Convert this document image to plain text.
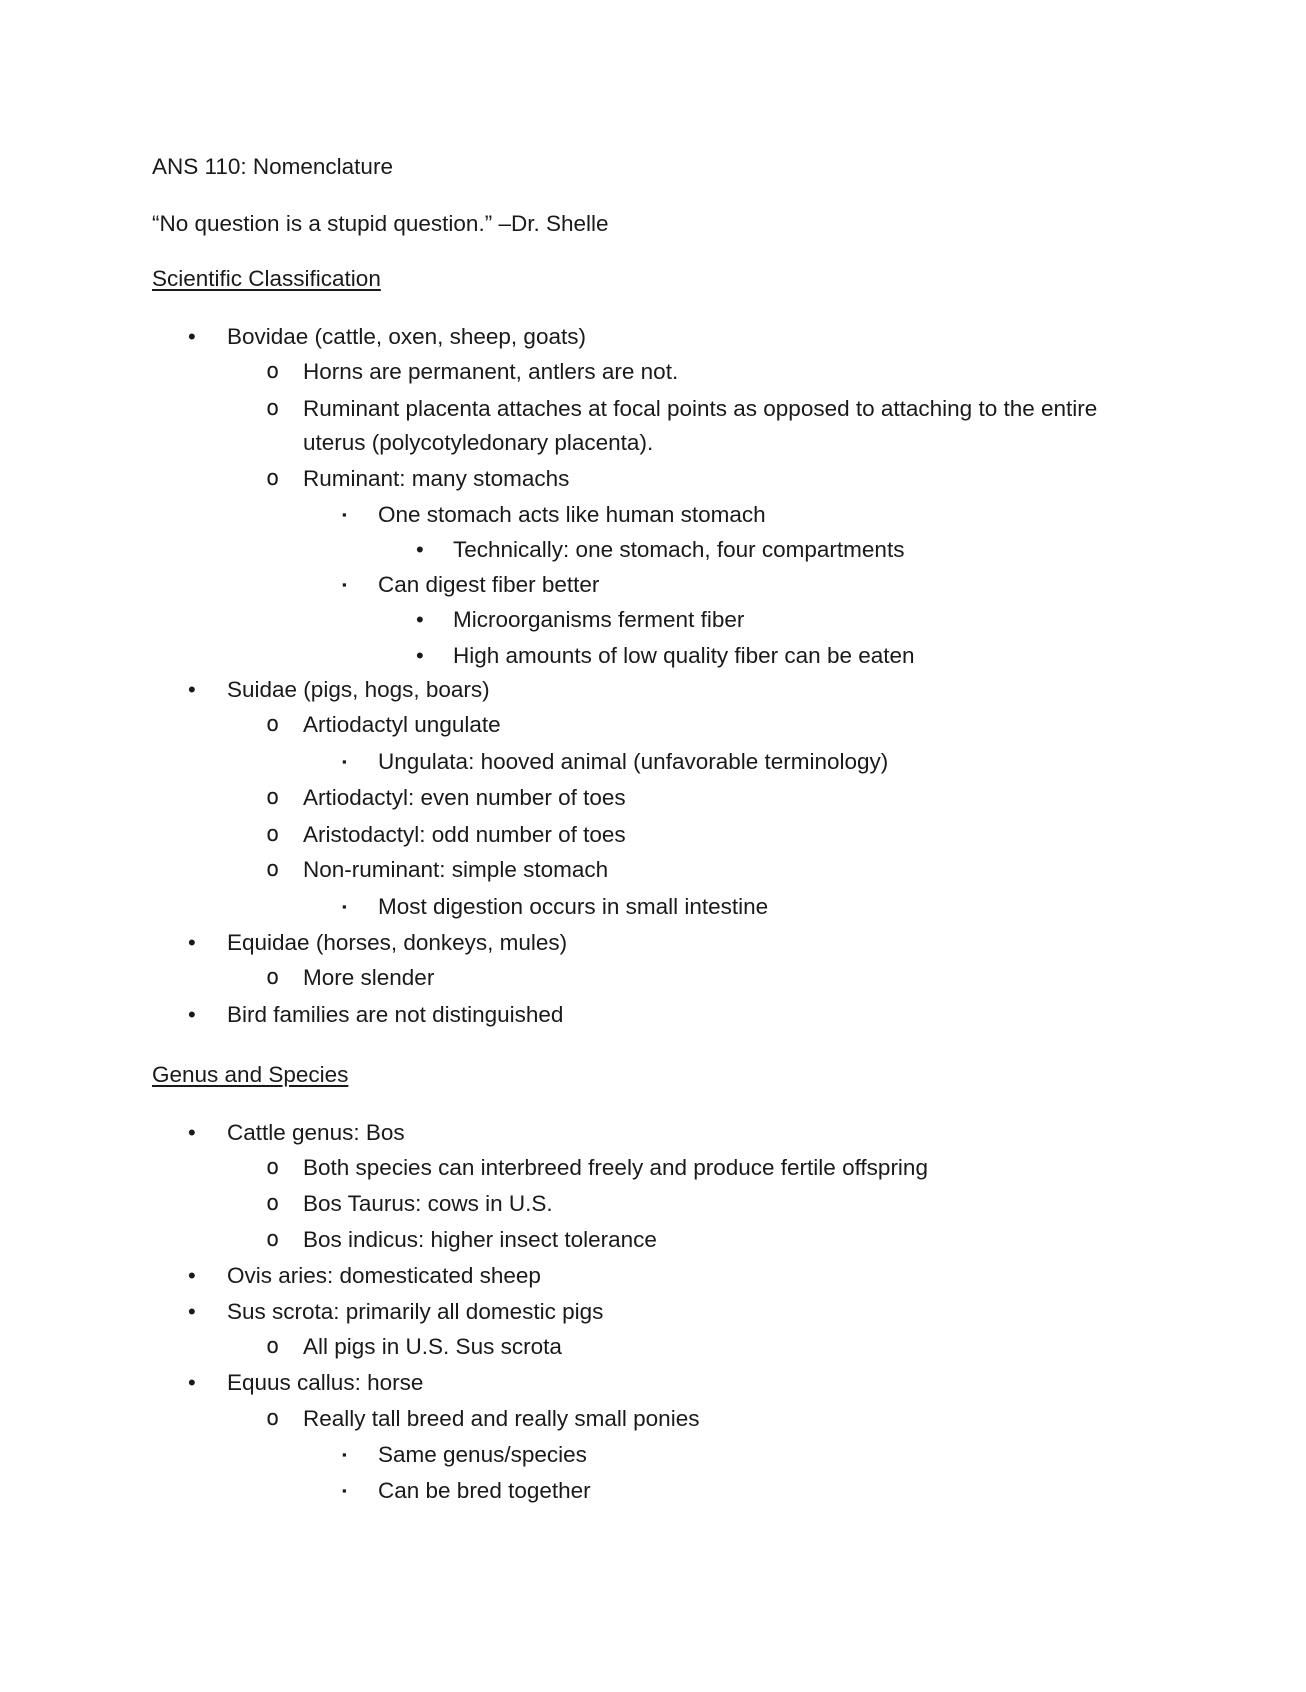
ANS 110: Nomenclature
“No question is a stupid question.” –Dr. Shelle
Scientific Classification
• Bovidae (cattle, oxen, sheep, goats)
o Horns are permanent, antlers are not.
o Ruminant placenta attaches at focal points as opposed to attaching to the entire
uterus (polycotyledonary placenta).
o Ruminant: many stomachs
▪ One stomach acts like human stomach
• Technically: one stomach, four compartments
▪ Can digest fiber better
• Microorganisms ferment fiber
• High amounts of low quality fiber can be eaten
• Suidae (pigs, hogs, boars)
o Artiodactyl ungulate
▪ Ungulata: hooved animal (unfavorable terminology)
o Artiodactyl: even number of toes
o Aristodactyl: odd number of toes
o Non-ruminant: simple stomach
▪ Most digestion occurs in small intestine
• Equidae (horses, donkeys, mules)
o More slender
• Bird families are not distinguished
Genus and Species
• Cattle genus: Bos
o Both species can interbreed freely and produce fertile offspring
o Bos Taurus: cows in U.S.
o Bos indicus: higher insect tolerance
• Ovis aries: domesticated sheep
• Sus scrota: primarily all domestic pigs
o All pigs in U.S. Sus scrota
• Equus callus: horse
o Really tall breed and really small ponies
▪ Same genus/species
▪ Can be bred together
